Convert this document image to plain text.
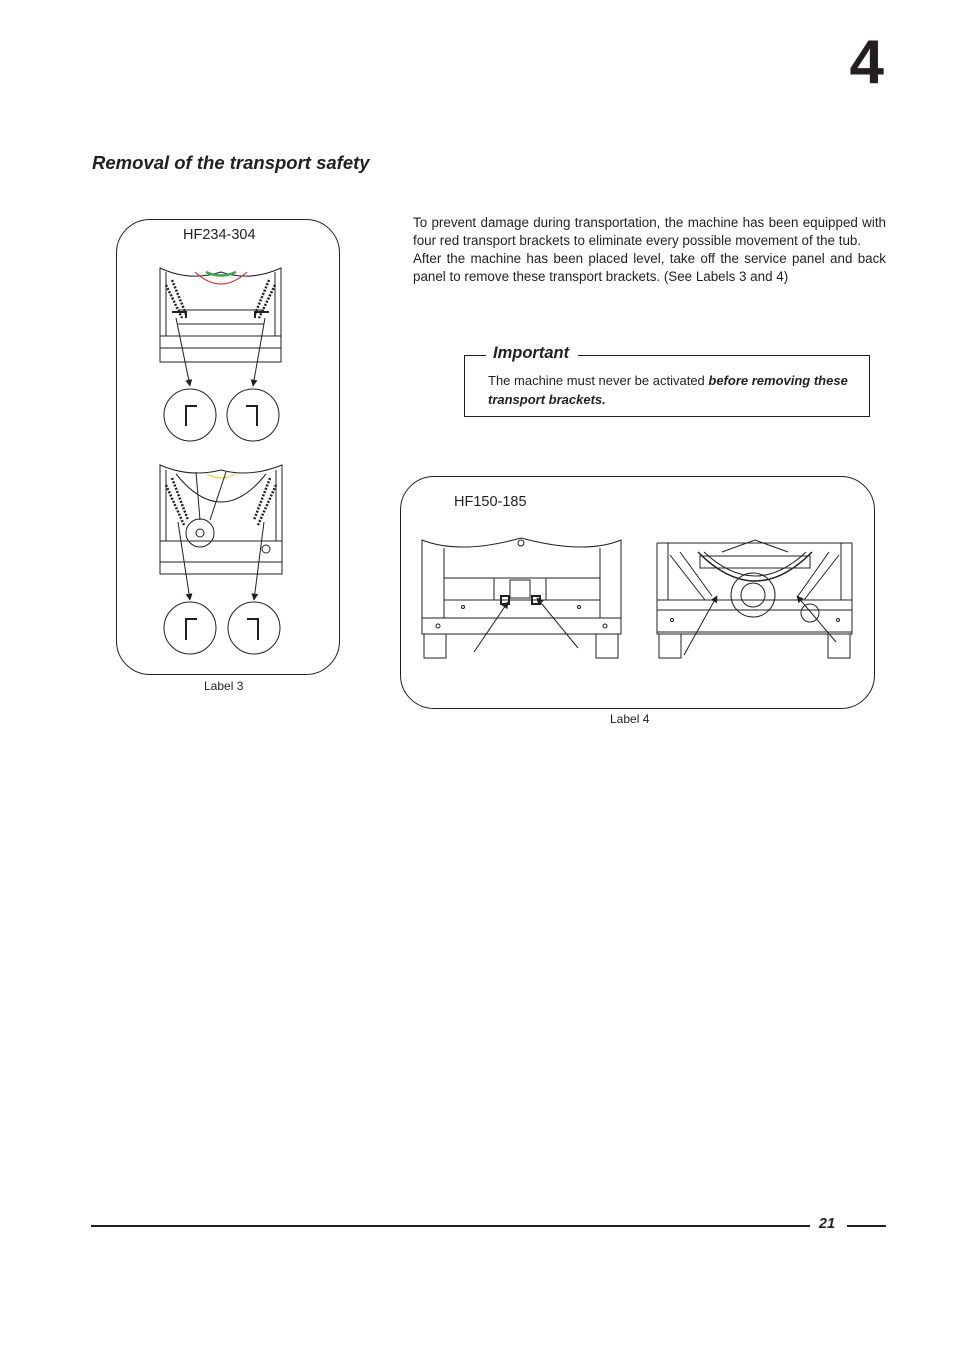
4
Removal of the transport safety

To prevent damage during transportation, the machine has been equipped with four red transport brackets to eliminate every possible movement of the tub.

After the machine has been placed level, take off the service panel and back panel to remove these transport brackets. (See Labels 3 and 4)

Important
The machine must never be activated before removing these transport brackets.
HF234-304
Label 3
HF150-185
Label 4
21
